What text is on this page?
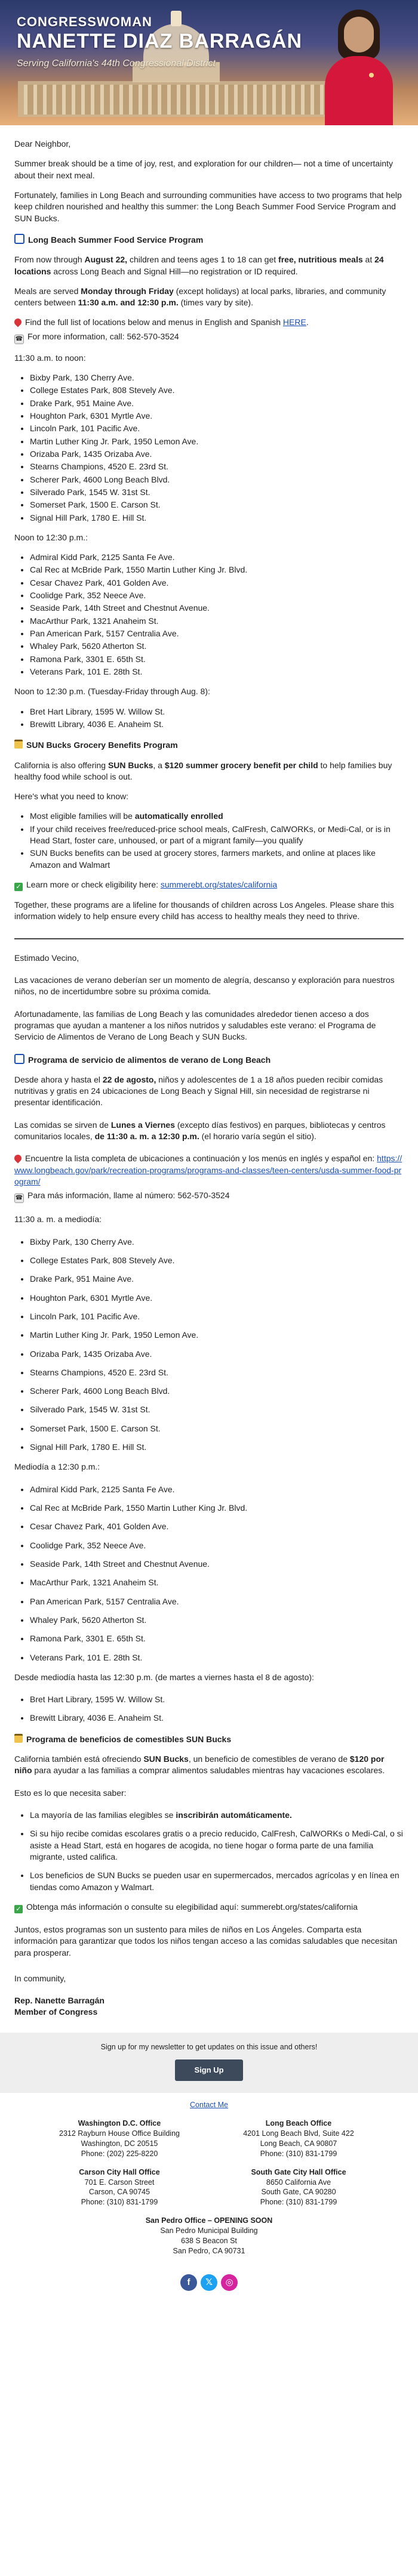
CONGRESSWOMAN
NANETTE DIAZ BARRAGÁN
Serving California's 44th Congressional District

Dear Neighbor,

Summer break should be a time of joy, rest, and exploration for our children— not a time of uncertainty about their next meal.

Fortunately, families in Long Beach and surrounding communities have access to two programs that help keep children nourished and healthy this summer: the Long Beach Summer Food Service Program and SUN Bucks.

Long Beach Summer Food Service Program

From now through August 22, children and teens ages 1 to 18 can get free, nutritious meals at 24 locations across Long Beach and Signal Hill—no registration or ID required.

Meals are served Monday through Friday (except holidays) at local parks, libraries, and community centers between 11:30 a.m. and 12:30 p.m. (times vary by site).

Find the full list of locations below and menus in English and Spanish HERE.

☎ For more information, call: 562-570-3524

11:30 a.m. to noon:

• Bixby Park, 130 Cherry Ave.
• College Estates Park, 808 Stevely Ave.
• Drake Park, 951 Maine Ave.
• Houghton Park, 6301 Myrtle Ave.
• Lincoln Park, 101 Pacific Ave.
• Martin Luther King Jr. Park, 1950 Lemon Ave.
• Orizaba Park, 1435 Orizaba Ave.
• Stearns Champions, 4520 E. 23rd St.
• Scherer Park, 4600 Long Beach Blvd.
• Silverado Park, 1545 W. 31st St.
• Somerset Park, 1500 E. Carson St.
• Signal Hill Park, 1780 E. Hill St.

Noon to 12:30 p.m.:

• Admiral Kidd Park, 2125 Santa Fe Ave.
• Cal Rec at McBride Park, 1550 Martin Luther King Jr. Blvd.
• Cesar Chavez Park, 401 Golden Ave.
• Coolidge Park, 352 Neece Ave.
• Seaside Park, 14th Street and Chestnut Avenue.
• MacArthur Park, 1321 Anaheim St.
• Pan American Park, 5157 Centralia Ave.
• Whaley Park, 5620 Atherton St.
• Ramona Park, 3301 E. 65th St.
• Veterans Park, 101 E. 28th St.

Noon to 12:30 p.m. (Tuesday-Friday through Aug. 8):

• Bret Hart Library, 1595 W. Willow St.
• Brewitt Library, 4036 E. Anaheim St.
SUN Bucks Grocery Benefits Program

California is also offering SUN Bucks, a $120 summer grocery benefit per child to help families buy healthy food while school is out.

Here's what you need to know:

• Most eligible families will be automatically enrolled
• If your child receives free/reduced-price school meals, CalFresh, CalWORKs, or Medi-Cal, or is in Head Start, foster care, unhoused, or part of a migrant family—you qualify
• SUN Bucks benefits can be used at grocery stores, farmers markets, and online at places like Amazon and Walmart

✓ Learn more or check eligibility here: summerebt.org/states/california

Together, these programs are a lifeline for thousands of children across Los Angeles. Please share this information widely to help ensure every child has access to healthy meals they need to thrive.

Estimado Vecino,

Las vacaciones de verano deberían ser un momento de alegría, descanso y exploración para nuestros niños, no de incertidumbre sobre su próxima comida.

Afortunadamente, las familias de Long Beach y las comunidades alrededor tienen acceso a dos programas que ayudan a mantener a los niños nutridos y saludables este verano: el Programa de Servicio de Alimentos de Verano de Long Beach y SUN Bucks.

Programa de servicio de alimentos de verano de Long Beach

Desde ahora y hasta el 22 de agosto, niños y adolescentes de 1 a 18 años pueden recibir comidas nutritivas y gratis en 24 ubicaciones de Long Beach y Signal Hill, sin necesidad de registrarse ni presentar identificación.

Las comidas se sirven de Lunes a Viernes (excepto días festivos) en parques, bibliotecas y centros comunitarios locales, de 11:30 a. m. a 12:30 p.m. (el horario varía según el sitio).

Encuentre la lista completa de ubicaciones a continuación y los menús en inglés y español en: https://www.longbeach.gov/park/recreation-programs/programs-and-classes/teen-centers/usda-summer-food-program/

☎ Para más información, llame al número: 562-570-3524

11:30 a. m. a mediodía:

• Bixby Park, 130 Cherry Ave.
• College Estates Park, 808 Stevely Ave.
• Drake Park, 951 Maine Ave.
• Houghton Park, 6301 Myrtle Ave.
• Lincoln Park, 101 Pacific Ave.
• Martin Luther King Jr. Park, 1950 Lemon Ave.
• Orizaba Park, 1435 Orizaba Ave.
• Stearns Champions, 4520 E. 23rd St.
• Scherer Park, 4600 Long Beach Blvd.
• Silverado Park, 1545 W. 31st St.
• Somerset Park, 1500 E. Carson St.
• Signal Hill Park, 1780 E. Hill St.

Mediodía a 12:30 p.m.:

• Admiral Kidd Park, 2125 Santa Fe Ave.
• Cal Rec at McBride Park, 1550 Martin Luther King Jr. Blvd.
• Cesar Chavez Park, 401 Golden Ave.
• Coolidge Park, 352 Neece Ave.
• Seaside Park, 14th Street and Chestnut Avenue.
• MacArthur Park, 1321 Anaheim St.
• Pan American Park, 5157 Centralia Ave.
• Whaley Park, 5620 Atherton St.
• Ramona Park, 3301 E. 65th St.
• Veterans Park, 101 E. 28th St.

Desde mediodía hasta las 12:30 p.m. (de martes a viernes hasta el 8 de agosto):

• Bret Hart Library, 1595 W. Willow St.
• Brewitt Library, 4036 E. Anaheim St.
Programa de beneficios de comestibles SUN Bucks

California también está ofreciendo SUN Bucks, un beneficio de comestibles de verano de $120 por niño para ayudar a las familias a comprar alimentos saludables mientras hay vacaciones escolares.

Esto es lo que necesita saber:

• La mayoría de las familias elegibles se inscribirán automáticamente.
• Si su hijo recibe comidas escolares gratis o a precio reducido, CalFresh, CalWORKs o Medi-Cal, o si asiste a Head Start, está en hogares de acogida, no tiene hogar o forma parte de una familia migrante, usted califica.
• Los beneficios de SUN Bucks se pueden usar en supermercados, mercados agrícolas y en línea en tiendas como Amazon y Walmart.

✓ Obtenga más información o consulte su elegibilidad aquí: summerebt.org/states/california

Juntos, estos programas son un sustento para miles de niños en Los Ángeles. Comparta esta información para garantizar que todos los niños tengan acceso a las comidas saludables que necesitan para prosperar.

In community,

Rep. Nanette Barragán
Member of Congress
Sign up for my newsletter to get updates on this issue and others!
Sign Up
Contact Me
Washington D.C. Office
2312 Rayburn House Office Building
Washington, DC 20515
Phone: (202) 225-8220
Long Beach Office
4201 Long Beach Blvd, Suite 422
Long Beach, CA 90807
Phone: (310) 831-1799
Carson City Hall Office
701 E. Carson Street
Carson, CA 90745
Phone: (310) 831-1799
South Gate City Hall Office
8650 California Ave
South Gate, CA 90280
Phone: (310) 831-1799
San Pedro Office – OPENING SOON
San Pedro Municipal Building
638 S Beacon St
San Pedro, CA 90731
f 𝕏 ◎
